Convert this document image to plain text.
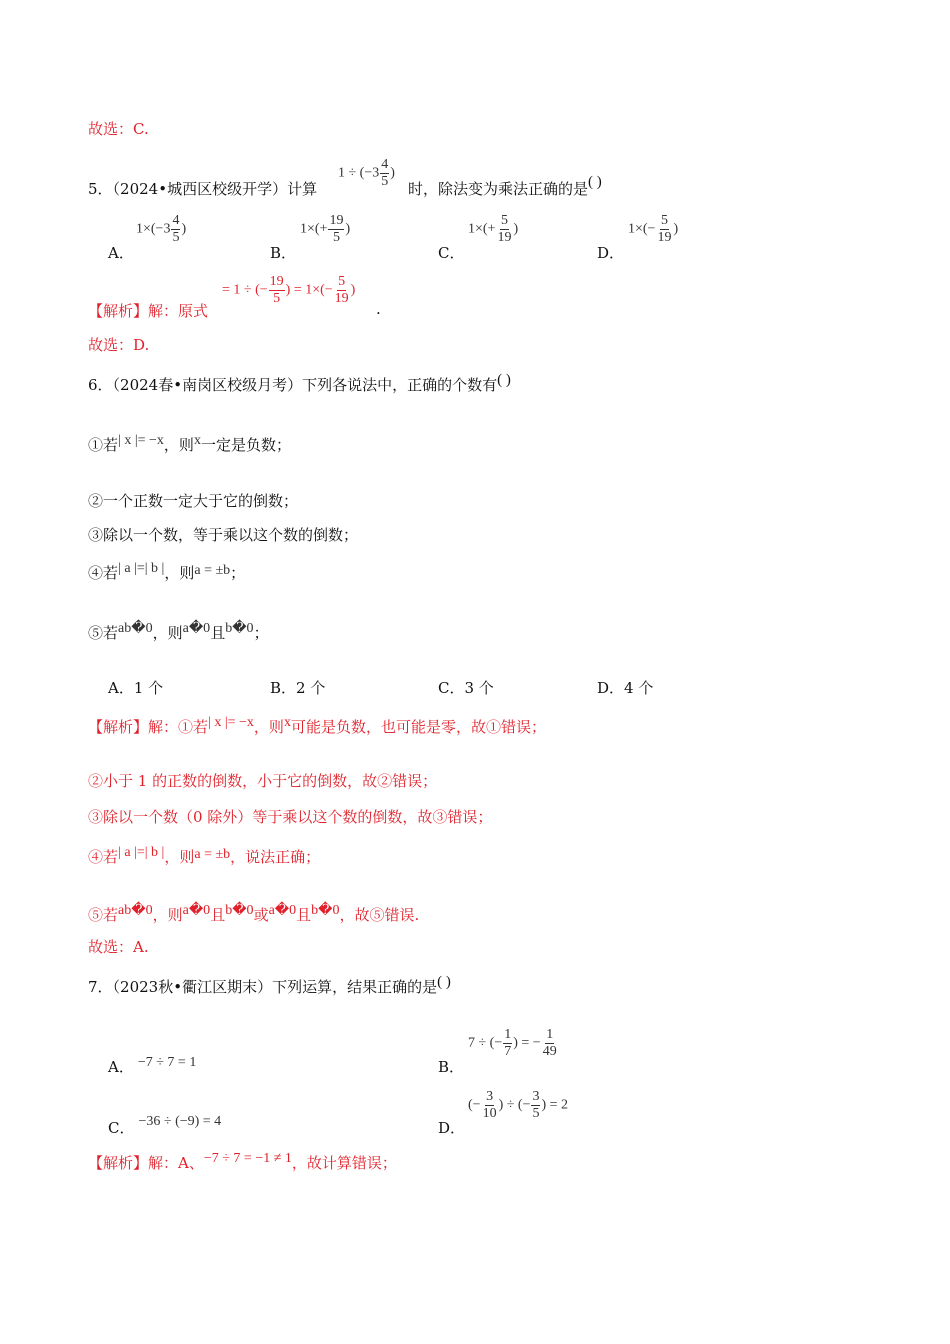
故选：C.
5．（2024•城西区校级开学）计算
$1 \div (-3 \frac{4}{5}$ )
时，除法变为乘法正确的是( )
A．
$1\times(-3 \frac{4}{5}$ )
B．
$1\times(+ \frac{19}{5}$ )
C．
$1\times(+ \frac{5}{19}$ )
D．
$1\times(- \frac{5}{19}$ )
【解析】解：原式
= 1 ÷ (− $\frac{19}{5}$ ) = $1\times(- \frac{5}{19}$ )
.
故选：D.
6．（2024春•南岗区校级月考）下列各说法中，正确的个数有( )
①若| x |= −x，则x一定是负数；
②一个正数一定大于它的倒数；
③除以一个数，等于乘以这个数的倒数；
④若| a |=| b |，则a = ±b；
⑤若ab�0，则a�0且b�0；
A．1 个	B．2 个	C．3 个	D．4 个
【解析】解：①若| x |= −x，则x可能是负数，也可能是零，故①错误；
②小于 1 的正数的倒数，小于它的倒数，故②错误；
③除以一个数（0 除外）等于乘以这个数的倒数，故③错误；
④若| a |=| b |，则a = ±b，说法正确；
⑤若ab�0，则a�0且b�0或a�0且b�0，故⑤错误.
故选：A.
7．（2023秋•衢江区期末）下列运算，结果正确的是( )
A． −7 ÷ 7 = 1	B．
7 ÷ (− $\frac{1}{7}$ ) = − $\frac{1}{49}$
C． −36 ÷ (−9) = 4	D．
(− $\frac{3}{10}$ ) ÷ (− $\frac{3}{5}$ ) = 2
【解析】解：A、−7 ÷ 7 = −1 ≠ 1，故计算错误；
